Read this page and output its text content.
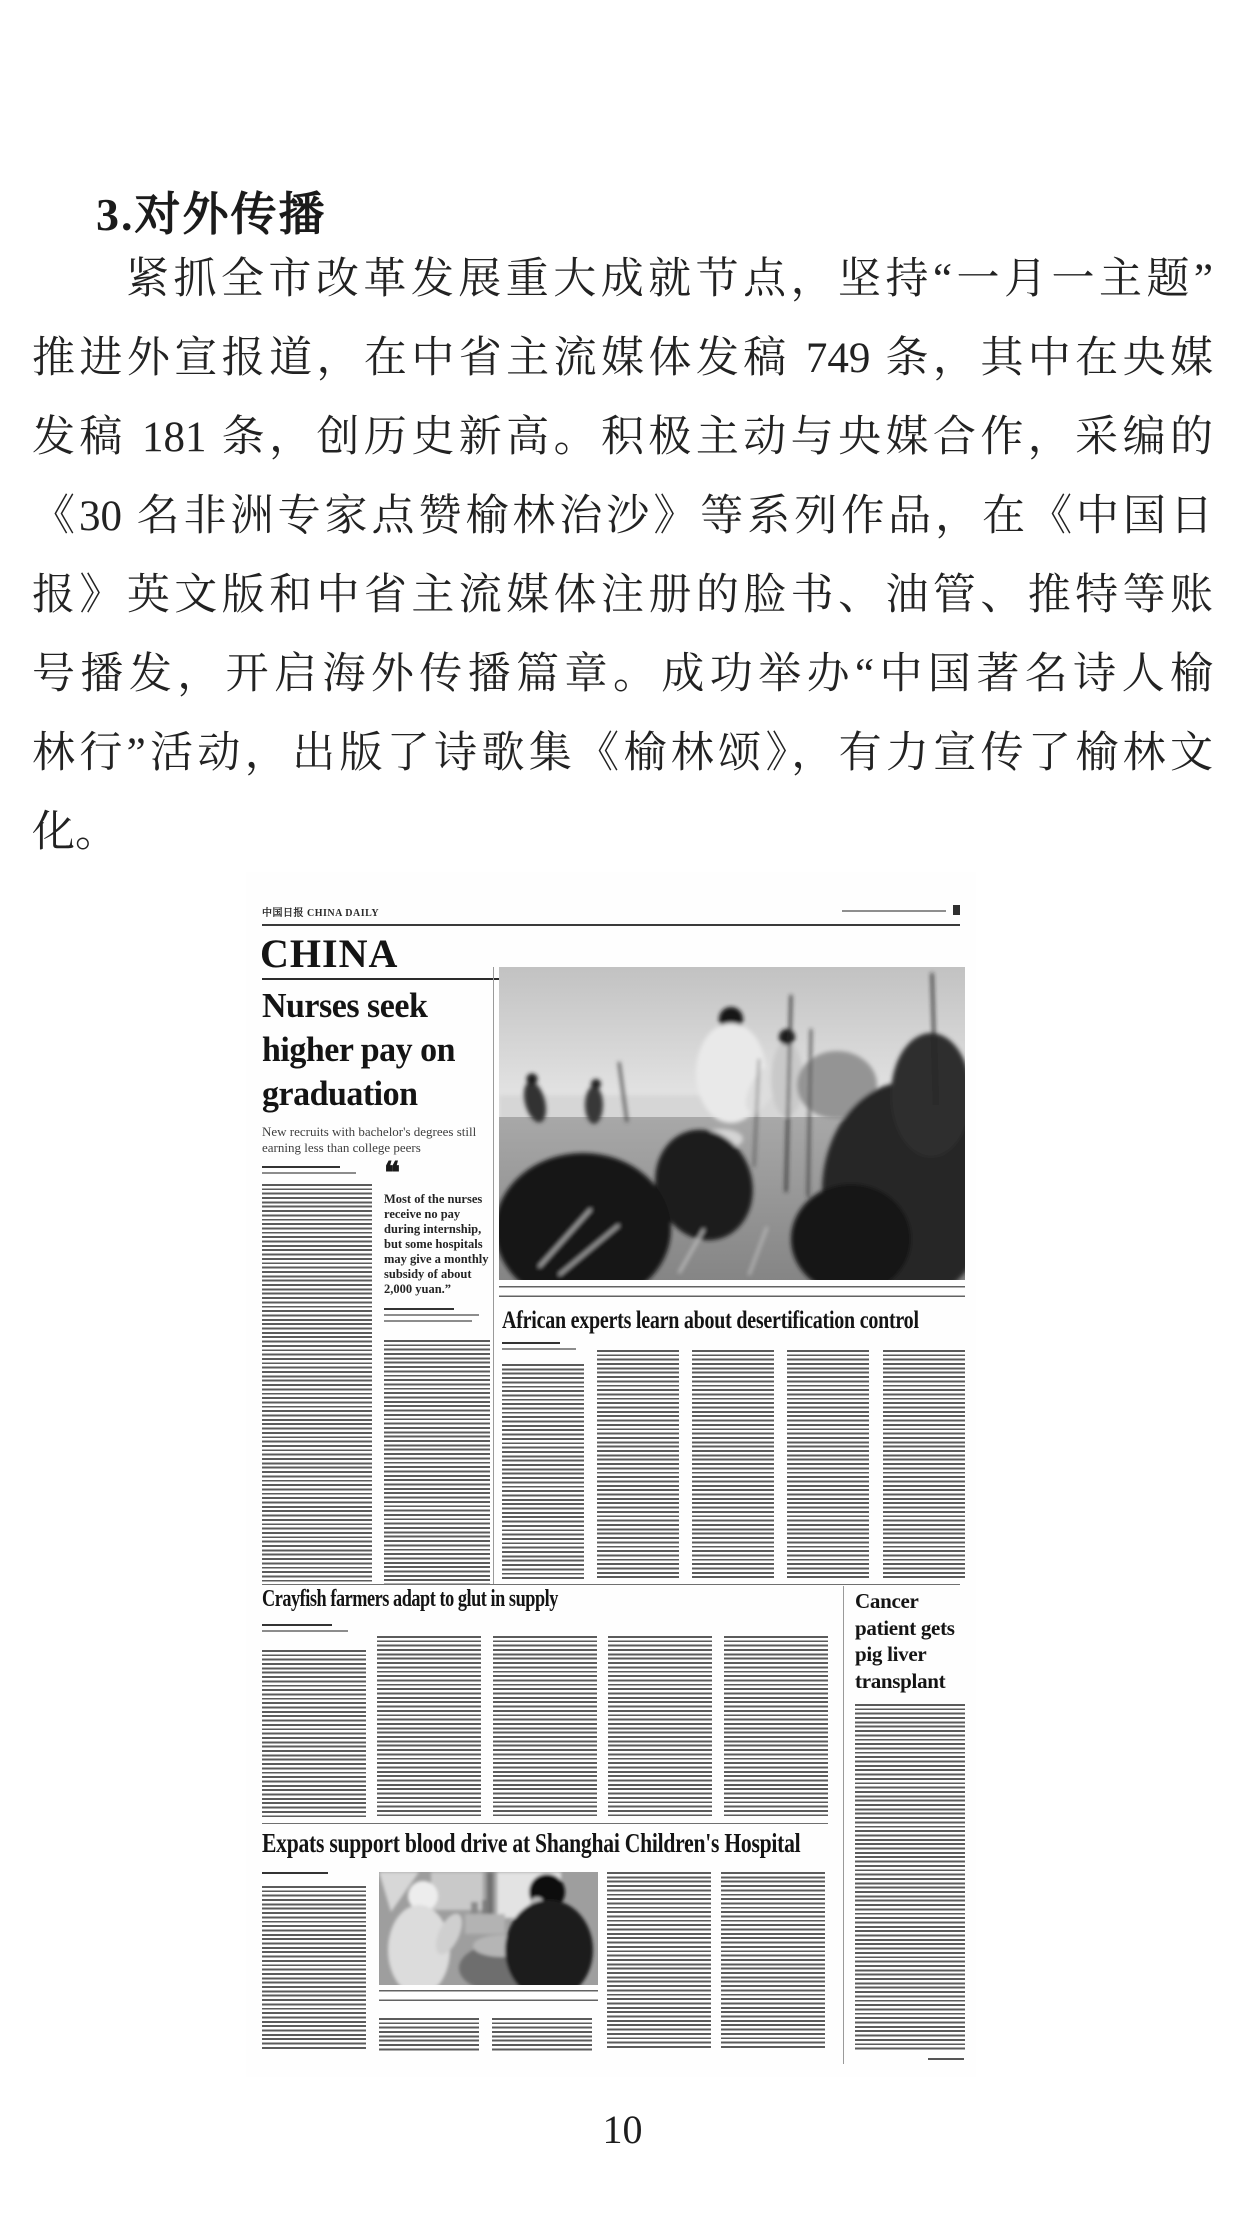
3.对外传播
紧抓全市改革发展重大成就节点，坚持“一月一主题”
推进外宣报道，在中省主流媒体发稿 749 条，其中在央媒
发稿 181 条，创历史新高。积极主动与央媒合作，采编的
《30 名非洲专家点赞榆林治沙》等系列作品，在《中国日
报》英文版和中省主流媒体注册的脸书、油管、推特等账
号播发，开启海外传播篇章。成功举办“中国著名诗人榆
林行”活动，出版了诗歌集《榆林颂》，有力宣传了榆林文
化。
中国日报 CHINA DAILY
CHINA
Nurses seek higher pay on graduation
New recruits with bachelor's degrees still earning less than college peers
❝
Most of the nurses receive no pay during internship, but some hospitals may give a monthly subsidy of about 2,000 yuan.”
African experts learn about desertification control
Crayfish farmers adapt to glut in supply	Cancer patient gets pig liver transplant
Expats support blood drive at Shanghai Children's Hospital
10
